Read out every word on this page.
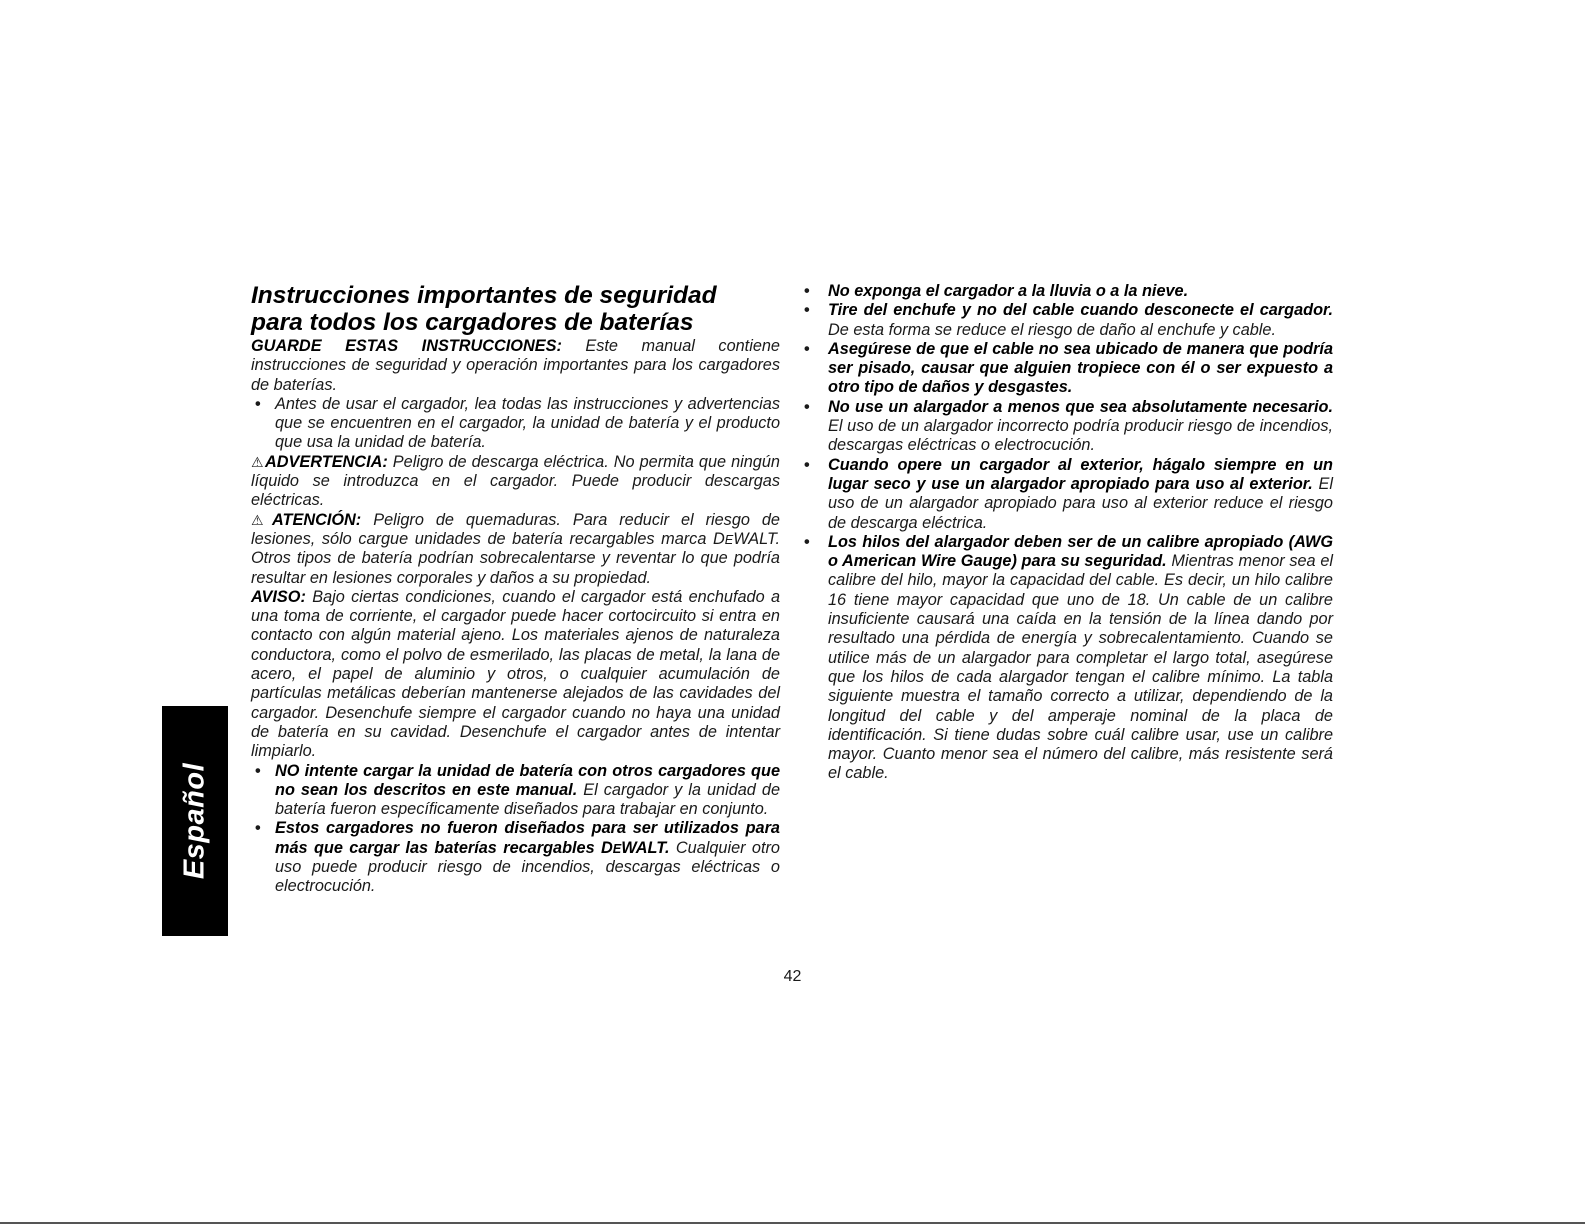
Español
Instrucciones importantes de seguridad
para todos los cargadores de baterías

GUARDE ESTAS INSTRUCCIONES: Este manual contiene instrucciones de seguridad y operación importantes para los cargadores de baterías.

• Antes de usar el cargador, lea todas las instrucciones y advertencias que se encuentren en el cargador, la unidad de batería y el producto que usa la unidad de batería.

⚠ADVERTENCIA: Peligro de descarga eléctrica. No permita que ningún líquido se introduzca en el cargador. Puede producir descargas eléctricas.

⚠ATENCIÓN: Peligro de quemaduras. Para reducir el riesgo de lesiones, sólo cargue unidades de batería recargables marca DEWALT. Otros tipos de batería podrían sobrecalentarse y reventar lo que podría resultar en lesiones corporales y daños a su propiedad.

AVISO: Bajo ciertas condiciones, cuando el cargador está enchufado a una toma de corriente, el cargador puede hacer cortocircuito si entra en contacto con algún material ajeno. Los materiales ajenos de naturaleza conductora, como el polvo de esmerilado, las placas de metal, la lana de acero, el papel de aluminio y otros, o cualquier acumulación de partículas metálicas deberían mantenerse alejados de las cavidades del cargador. Desenchufe siempre el cargador cuando no haya una unidad de batería en su cavidad. Desenchufe el cargador antes de intentar limpiarlo.

• NO intente cargar la unidad de batería con otros cargadores que no sean los descritos en este manual. El cargador y la unidad de batería fueron específicamente diseñados para trabajar en conjunto.
• Estos cargadores no fueron diseñados para ser utilizados para más que cargar las baterías recargables DEWALT. Cualquier otro uso puede producir riesgo de incendios, descargas eléctricas o electrocución.
• No exponga el cargador a la lluvia o a la nieve.
• Tire del enchufe y no del cable cuando desconecte el cargador. De esta forma se reduce el riesgo de daño al enchufe y cable.
• Asegúrese de que el cable no sea ubicado de manera que podría ser pisado, causar que alguien tropiece con él o ser expuesto a otro tipo de daños y desgastes.
• No use un alargador a menos que sea absolutamente necesario. El uso de un alargador incorrecto podría producir riesgo de incendios, descargas eléctricas o electrocución.
• Cuando opere un cargador al exterior, hágalo siempre en un lugar seco y use un alargador apropiado para uso al exterior. El uso de un alargador apropiado para uso al exterior reduce el riesgo de descarga eléctrica.
• Los hilos del alargador deben ser de un calibre apropiado (AWG o American Wire Gauge) para su seguridad. Mientras menor sea el calibre del hilo, mayor la capacidad del cable. Es decir, un hilo calibre 16 tiene mayor capacidad que uno de 18. Un cable de un calibre insuficiente causará una caída en la tensión de la línea dando por resultado una pérdida de energía y sobrecalentamiento. Cuando se utilice más de un alargador para completar el largo total, asegúrese que los hilos de cada alargador tengan el calibre mínimo. La tabla siguiente muestra el tamaño correcto a utilizar, dependiendo de la longitud del cable y del amperaje nominal de la placa de identificación. Si tiene dudas sobre cuál calibre usar, use un calibre mayor. Cuanto menor sea el número del calibre, más resistente será el cable.
42
